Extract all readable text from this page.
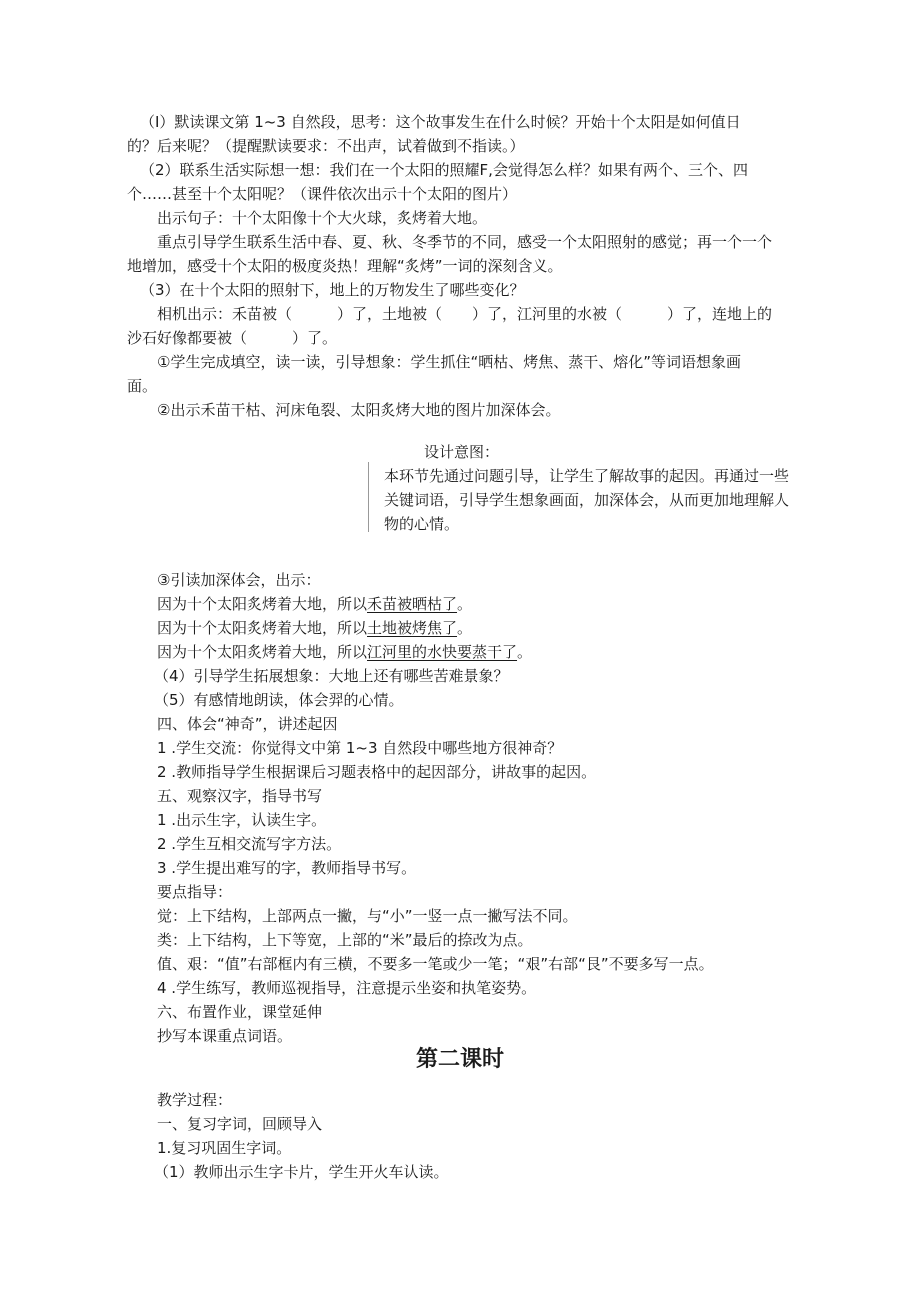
（I）默读课文第 1~3 自然段，思考：这个故事发生在什么时候？开始十个太阳是如何值日
的？后来呢？（提醒默读要求：不出声，试着做到不指读。）
（2）联系生活实际想一想：我们在一个太阳的照耀F,会觉得怎么样？如果有两个、三个、四
个……甚至十个太阳呢？（课件依次出示十个太阳的图片）
出示句子：十个太阳像十个大火球，炙烤着大地。
重点引导学生联系生活中春、夏、秋、冬季节的不同，感受一个太阳照射的感觉；再一个一个
地增加，感受十个太阳的极度炎热！理解“炙烤”一词的深刻含义。
（3）在十个太阳的照射下，地上的万物发生了哪些变化？
相机出示：禾苗被（　　　）了，土地被（　　）了，江河里的水被（　　　）了，连地上的
沙石好像都要被（　　　）了。
①学生完成填空，读一读，引导想象：学生抓住“晒枯、烤焦、蒸干、熔化”等词语想象画
面。
②出示禾苗干枯、河床龟裂、太阳炙烤大地的图片加深体会。
设计意图：
本环节先通过问题引导，让学生了解故事的起因。再通过一些
关键词语，引导学生想象画面，加深体会，从而更加地理解人
物的心情。
③引读加深体会，出示：
因为十个太阳炙烤着大地，所以禾苗被晒枯了。
因为十个太阳炙烤着大地，所以土地被烤焦了。
因为十个太阳炙烤着大地，所以江河里的水快要蒸干了。
（4）引导学生拓展想象：大地上还有哪些苦难景象？
（5）有感情地朗读，体会羿的心情。
四、体会“神奇”，讲述起因
1 .学生交流：你觉得文中第 1~3 自然段中哪些地方很神奇？
2 .教师指导学生根据课后习题表格中的起因部分，讲故事的起因。
五、观察汉字，指导书写
1 .出示生字，认读生字。
2 .学生互相交流写字方法。
3 .学生提出难写的字，教师指导书写。
要点指导：
觉：上下结构，上部两点一撇，与“小”一竖一点一撇写法不同。
类：上下结构，上下等宽，上部的“米”最后的捺改为点。
值、艰：“值”右部框内有三横，不要多一笔或少一笔；“艰”右部“艮”不要多写一点。
4 .学生练写，教师巡视指导，注意提示坐姿和执笔姿势。
六、布置作业，课堂延伸
抄写本课重点词语。
第二课时
教学过程：
一、复习字词，回顾导入
1.复习巩固生字词。
（1）教师出示生字卡片，学生开火车认读。
